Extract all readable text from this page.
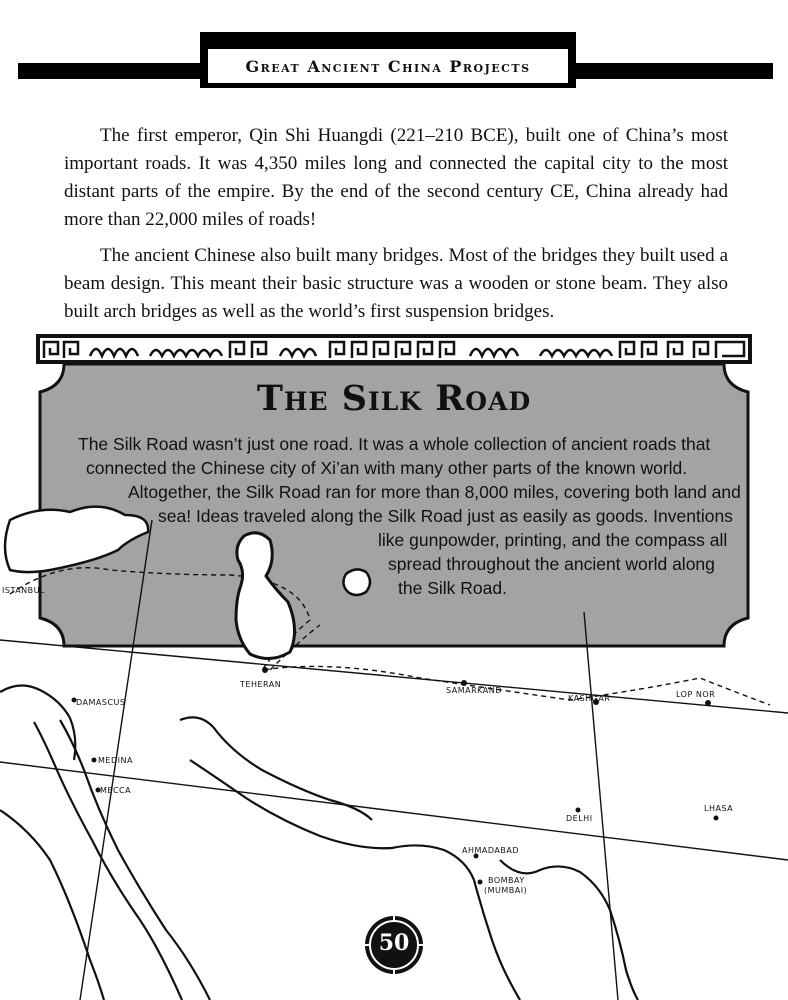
Great Ancient China Projects

The first emperor, Qin Shi Huangdi (221–210 BCE), built one of China’s most important roads. It was 4,350 miles long and connected the capital city to the most distant parts of the empire. By the end of the second century CE, China already had more than 22,000 miles of roads!

The ancient Chinese also built many bridges. Most of the bridges they built used a beam design. This meant their basic structure was a wooden or stone beam. They also built arch bridges as well as the world’s first suspension bridges.

The Silk Road
The Silk Road wasn’t just one road. It was a whole collection of ancient roads that
connected the Chinese city of Xi’an with many other parts of the known world.
Altogether, the Silk Road ran for more than 8,000 miles, covering both land and
sea! Ideas traveled along the Silk Road just as easily as goods. Inventions
like gunpowder, printing, and the compass all
spread throughout the ancient world along
the Silk Road.
ISTANBUL
TEHERAN
SAMARKAND
KASHGAR	LOP NOR
DAMASCUS
MEDINA
MECCA
DELHI
LHASA
AHMADABAD
BOMBAY
(MUMBAI)
50
